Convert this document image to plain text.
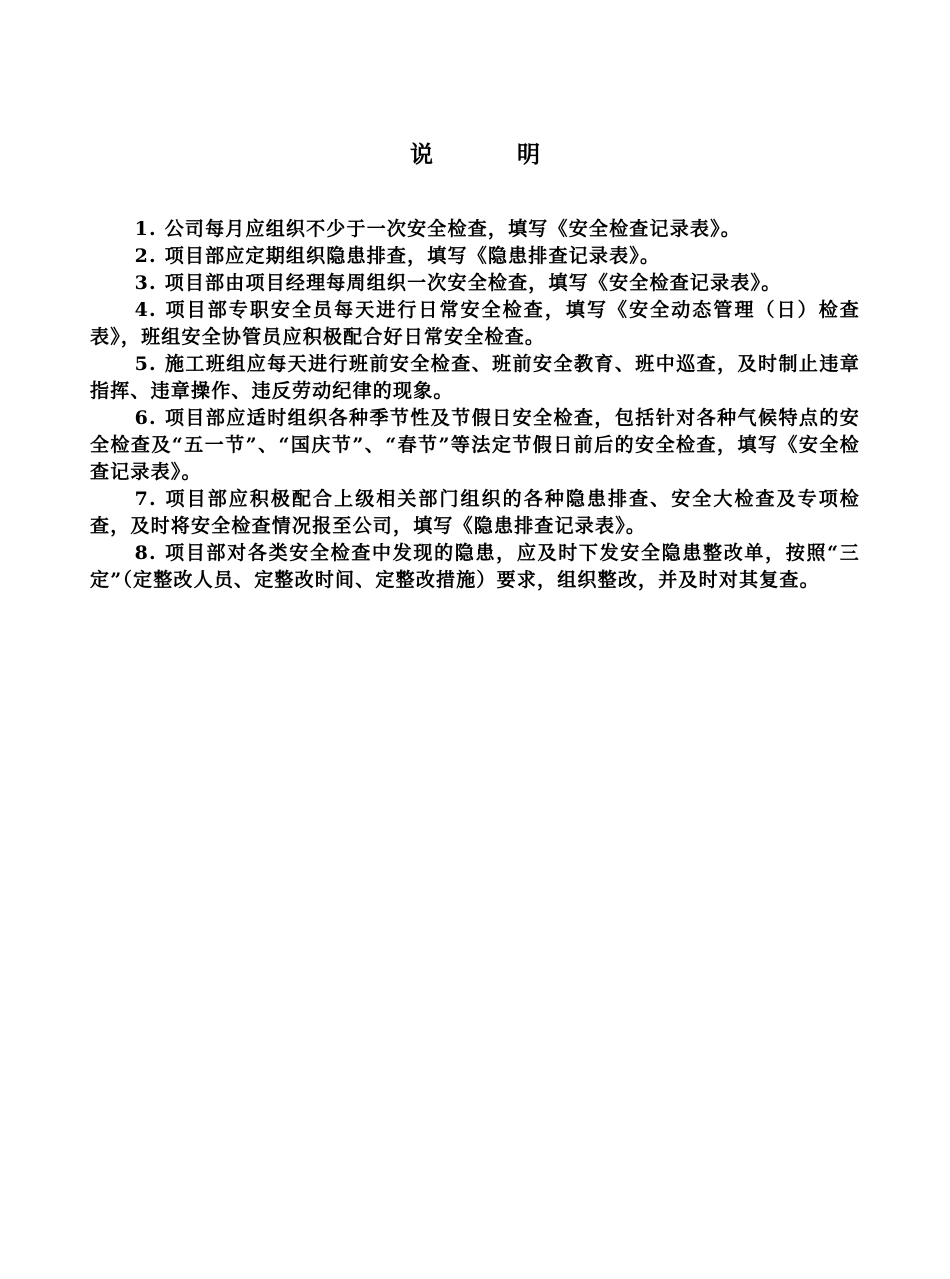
说 明

1. 公司每月应组织不少于一次安全检查，填写《安全检查记录表》。

2. 项目部应定期组织隐患排查，填写《隐患排查记录表》。

3. 项目部由项目经理每周组织一次安全检查，填写《安全检查记录表》。

4. 项目部专职安全员每天进行日常安全检查，填写《安全动态管理（日）检查表》，班组安全协管员应积极配合好日常安全检查。

5. 施工班组应每天进行班前安全检查、班前安全教育、班中巡查，及时制止违章指挥、违章操作、违反劳动纪律的现象。

6. 项目部应适时组织各种季节性及节假日安全检查，包括针对各种气候特点的安全检查及“五一节”、“国庆节”、“春节”等法定节假日前后的安全检查，填写《安全检查记录表》。

7. 项目部应积极配合上级相关部门组织的各种隐患排查、安全大检查及专项检查，及时将安全检查情况报至公司，填写《隐患排查记录表》。

8. 项目部对各类安全检查中发现的隐患，应及时下发安全隐患整改单，按照“三定”（定整改人员、定整改时间、定整改措施）要求，组织整改，并及时对其复查。
